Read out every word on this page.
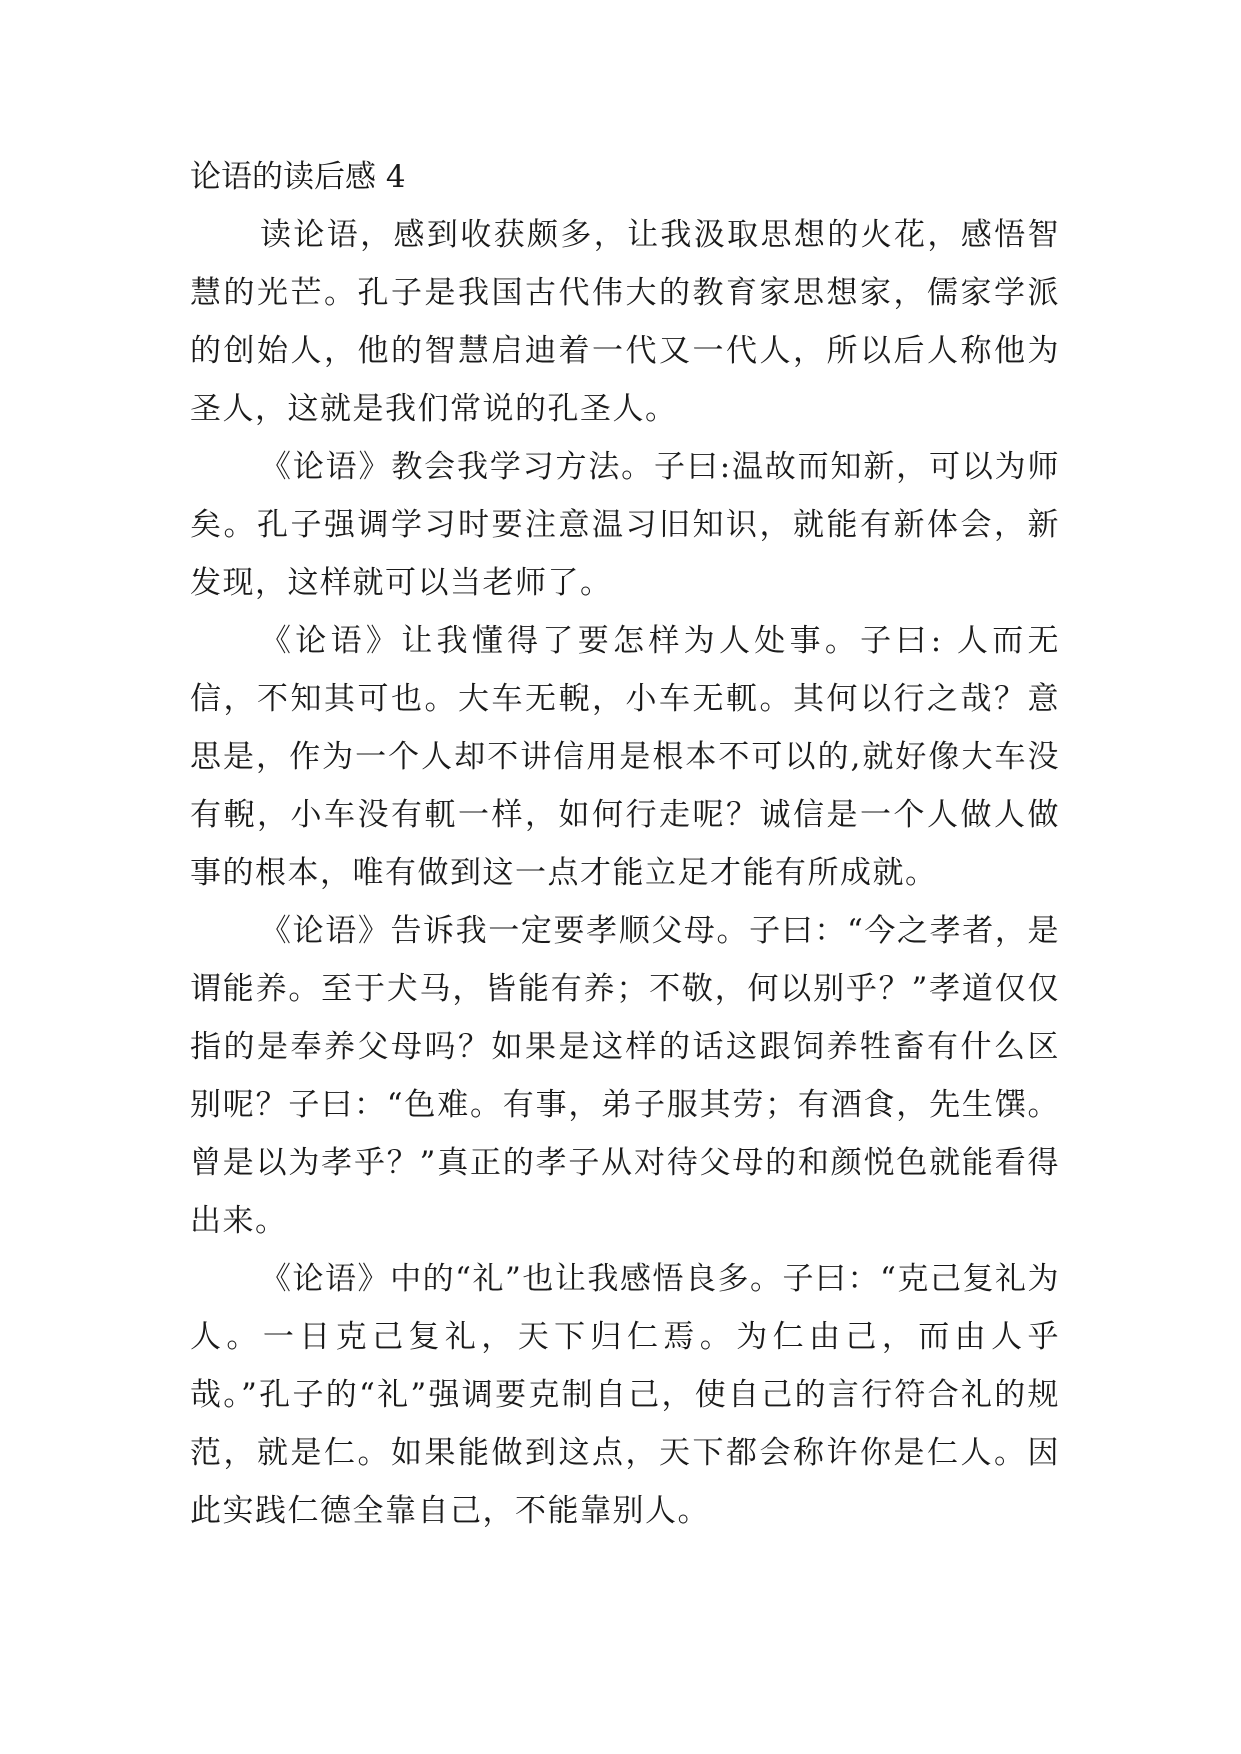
论语的读后感 4

读论语，感到收获颇多，让我汲取思想的火花，感悟智慧的光芒。孔子是我国古代伟大的教育家思想家，儒家学派的创始人，他的智慧启迪着一代又一代人，所以后人称他为圣人，这就是我们常说的孔圣人。

《论语》教会我学习方法。子曰:温故而知新，可以为师矣。孔子强调学习时要注意温习旧知识，就能有新体会，新发现，这样就可以当老师了。

《论语》让我懂得了要怎样为人处事。子曰: 人而无信，不知其可也。大车无輗，小车无軏。其何以行之哉？意思是，作为一个人却不讲信用是根本不可以的,就好像大车没有輗，小车没有軏一样，如何行走呢？诚信是一个人做人做事的根本，唯有做到这一点才能立足才能有所成就。

《论语》告诉我一定要孝顺父母。子曰：“今之孝者，是谓能养。至于犬马，皆能有养；不敬，何以别乎？”孝道仅仅指的是奉养父母吗？如果是这样的话这跟饲养牲畜有什么区别呢？子曰：“色难。有事，弟子服其劳；有酒食，先生馔。曾是以为孝乎？”真正的孝子从对待父母的和颜悦色就能看得出来。

《论语》中的“礼”也让我感悟良多。子曰：“克己复礼为人。一日克己复礼，天下归仁焉。为仁由己，而由人乎哉。”孔子的“礼”强调要克制自己，使自己的言行符合礼的规范，就是仁。如果能做到这点，天下都会称许你是仁人。因此实践仁德全靠自己，不能靠别人。
